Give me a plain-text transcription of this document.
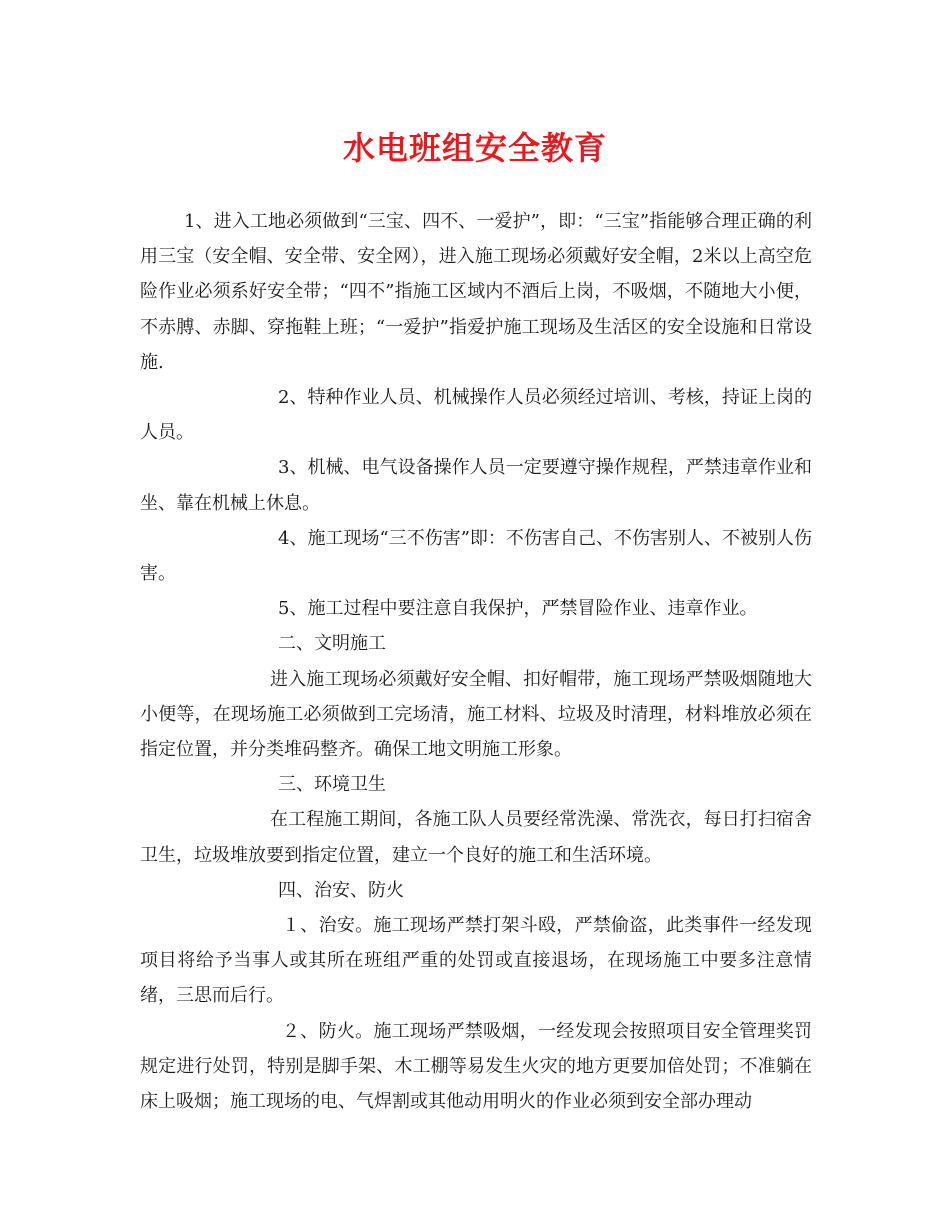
水电班组安全教育

1、进入工地必须做到“三宝、四不、一爱护”，即：“三宝”指能够合理正确的利用三宝（安全帽、安全带、安全网），进入施工现场必须戴好安全帽，2米以上高空危险作业必须系好安全带；“四不”指施工区域内不酒后上岗，不吸烟，不随地大小便，不赤膊、赤脚、穿拖鞋上班；“一爱护”指爱护施工现场及生活区的安全设施和日常设施.

2、特种作业人员、机械操作人员必须经过培训、考核，持证上岗的人员。

3、机械、电气设备操作人员一定要遵守操作规程，严禁违章作业和坐、靠在机械上休息。

4、施工现场“三不伤害”即：不伤害自己、不伤害别人、不被别人伤害。

5、施工过程中要注意自我保护，严禁冒险作业、违章作业。

二、文明施工

进入施工现场必须戴好安全帽、扣好帽带，施工现场严禁吸烟随地大小便等，在现场施工必须做到工完场清，施工材料、垃圾及时清理，材料堆放必须在指定位置，并分类堆码整齐。确保工地文明施工形象。

三、环境卫生

在工程施工期间，各施工队人员要经常洗澡、常洗衣，每日打扫宿舍卫生，垃圾堆放要到指定位置，建立一个良好的施工和生活环境。

四、治安、防火

１、治安。施工现场严禁打架斗殴，严禁偷盗，此类事件一经发现项目将给予当事人或其所在班组严重的处罚或直接退场，在现场施工中要多注意情绪，三思而后行。

２、防火。施工现场严禁吸烟，一经发现会按照项目安全管理奖罚规定进行处罚，特别是脚手架、木工棚等易发生火灾的地方更要加倍处罚；不准躺在床上吸烟；施工现场的电、气焊割或其他动用明火的作业必须到安全部办理动
